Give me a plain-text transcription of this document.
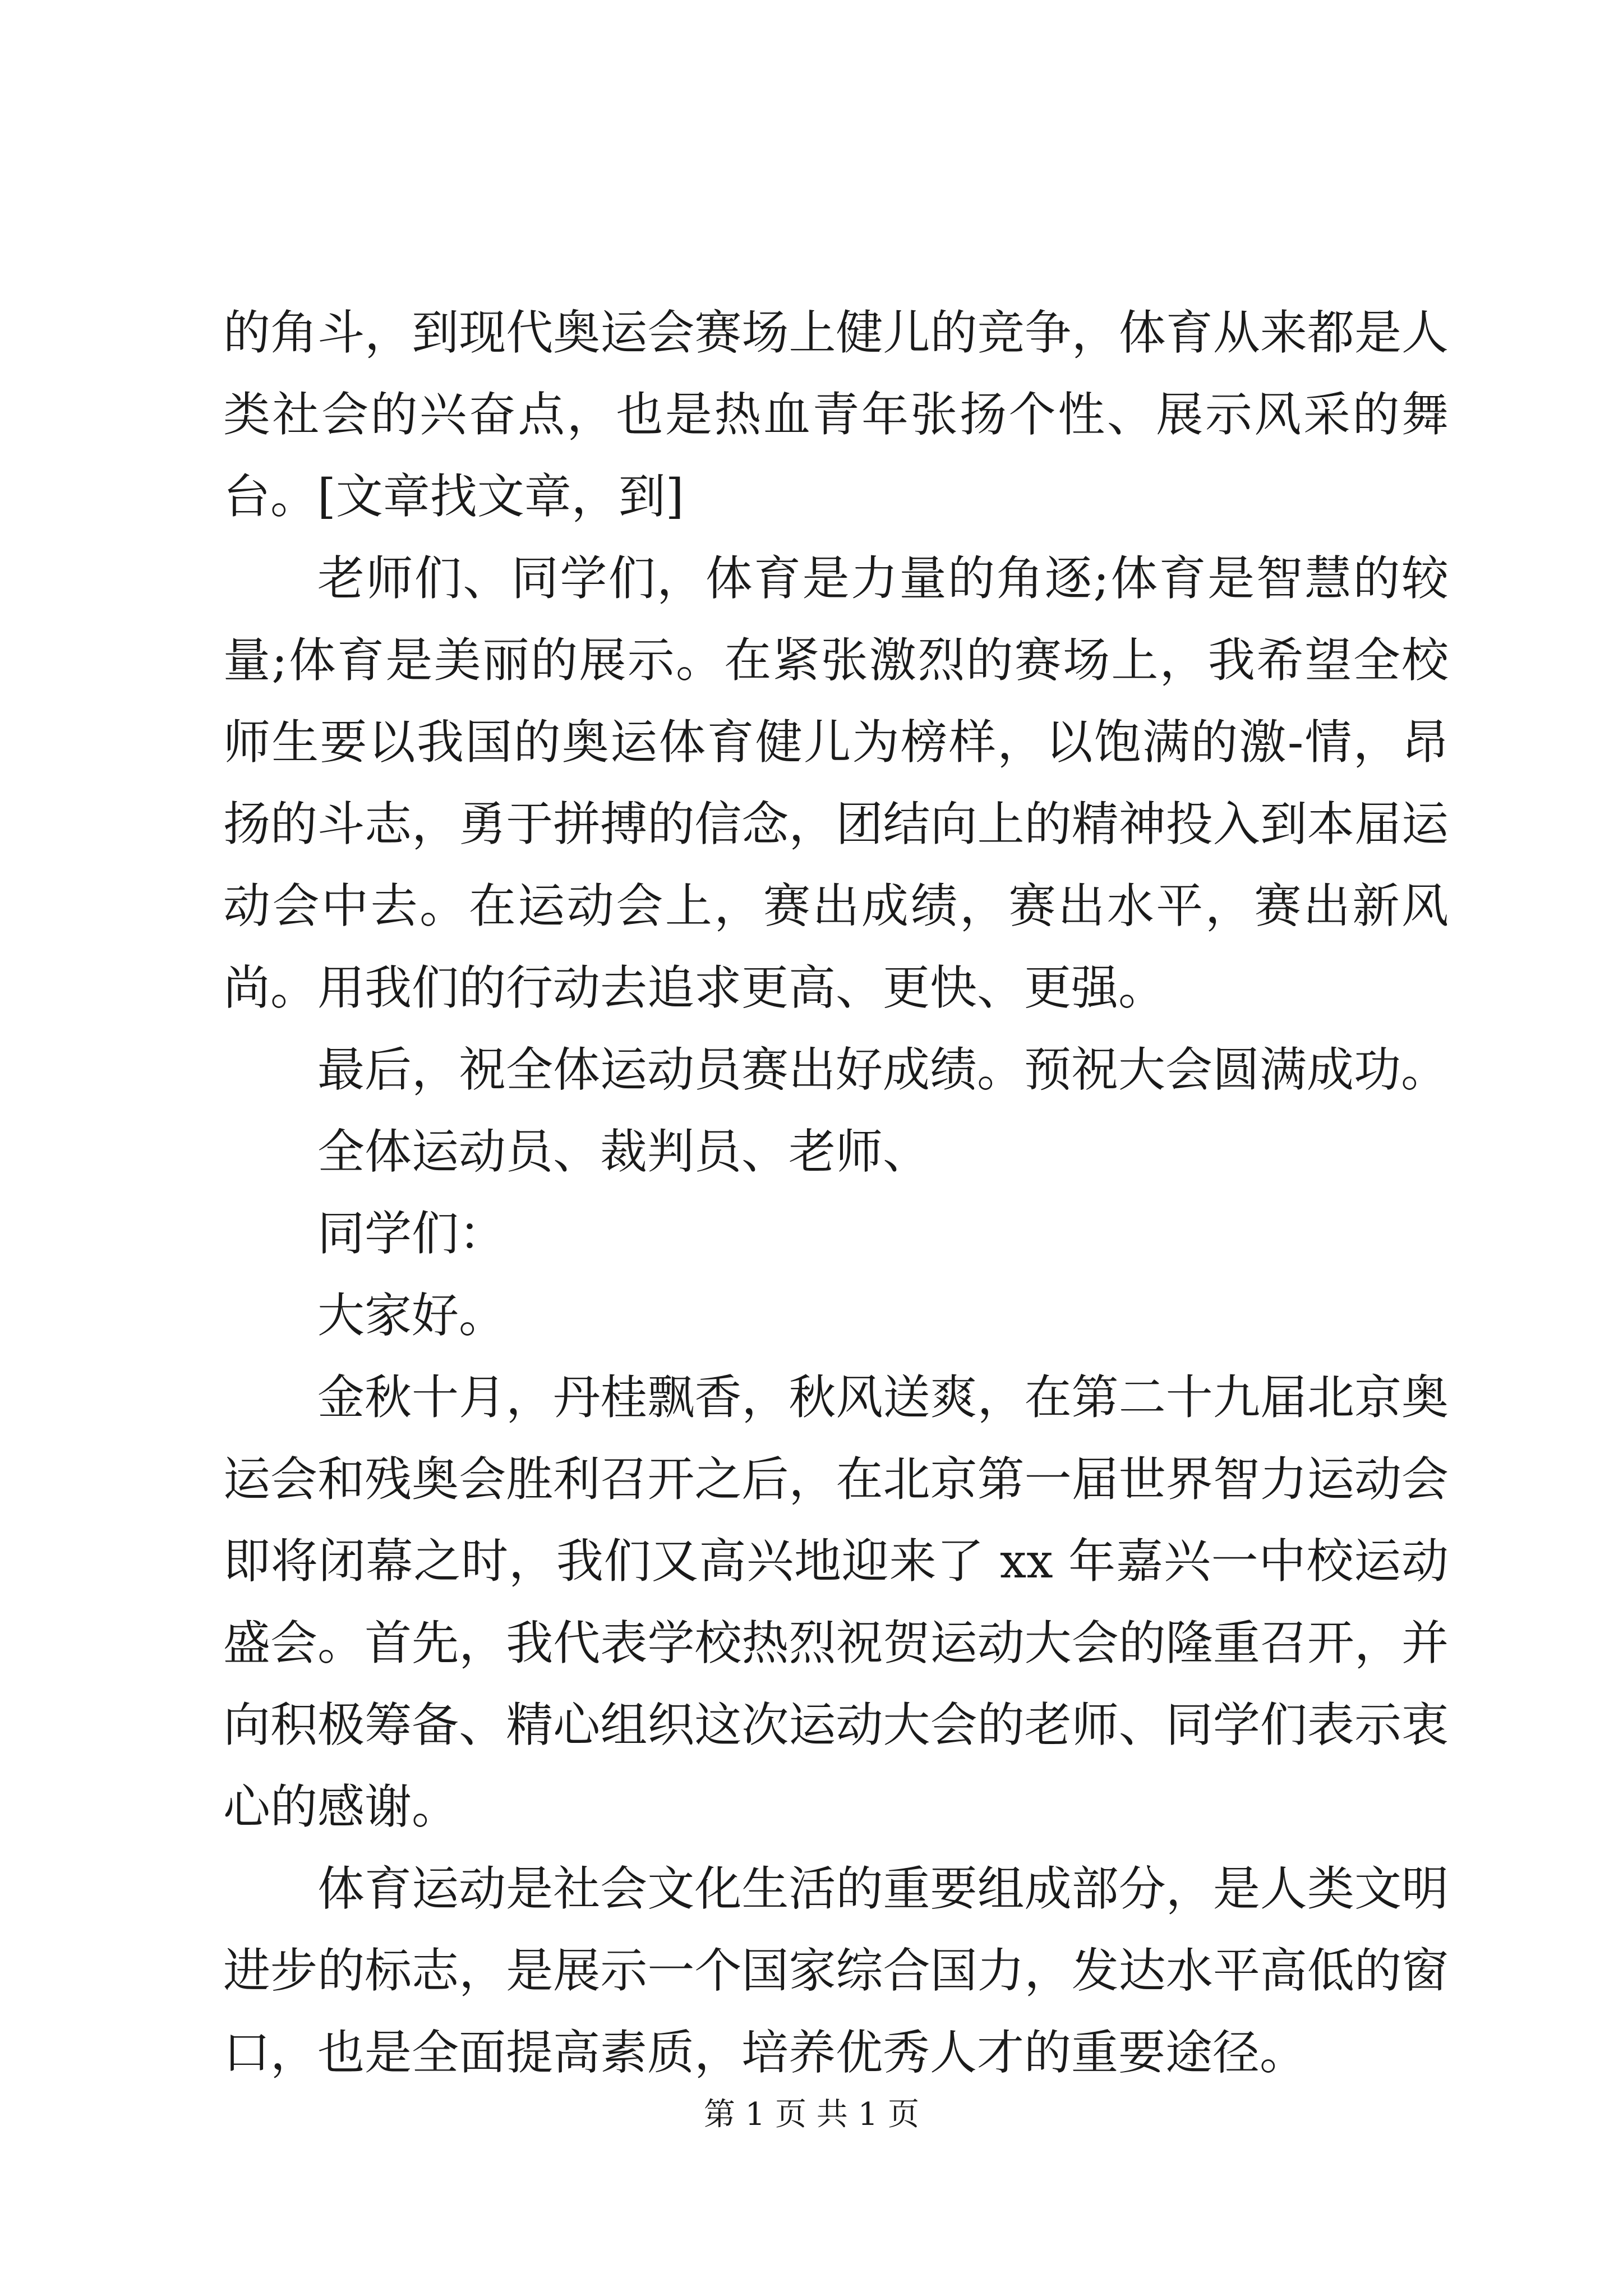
的角斗，到现代奥运会赛场上健儿的竞争，体育从来都是人类社会的兴奋点，也是热血青年张扬个性、展示风采的舞台。[文章找文章，到]

老师们、同学们，体育是力量的角逐;体育是智慧的较量;体育是美丽的展示。在紧张激烈的赛场上，我希望全校师生要以我国的奥运体育健儿为榜样，以饱满的激-情，昂扬的斗志，勇于拼搏的信念，团结向上的精神投入到本届运动会中去。在运动会上，赛出成绩，赛出水平，赛出新风尚。用我们的行动去追求更高、更快、更强。

最后，祝全体运动员赛出好成绩。预祝大会圆满成功。

全体运动员、裁判员、老师、

同学们：

大家好。

金秋十月，丹桂飘香，秋风送爽，在第二十九届北京奥运会和残奥会胜利召开之后，在北京第一届世界智力运动会即将闭幕之时，我们又高兴地迎来了 xx 年嘉兴一中校运动盛会。首先，我代表学校热烈祝贺运动大会的隆重召开，并向积极筹备、精心组织这次运动大会的老师、同学们表示衷心的感谢。

体育运动是社会文化生活的重要组成部分，是人类文明进步的标志，是展示一个国家综合国力，发达水平高低的窗口，也是全面提高素质，培养优秀人才的重要途径。

第 1 页 共 1 页
